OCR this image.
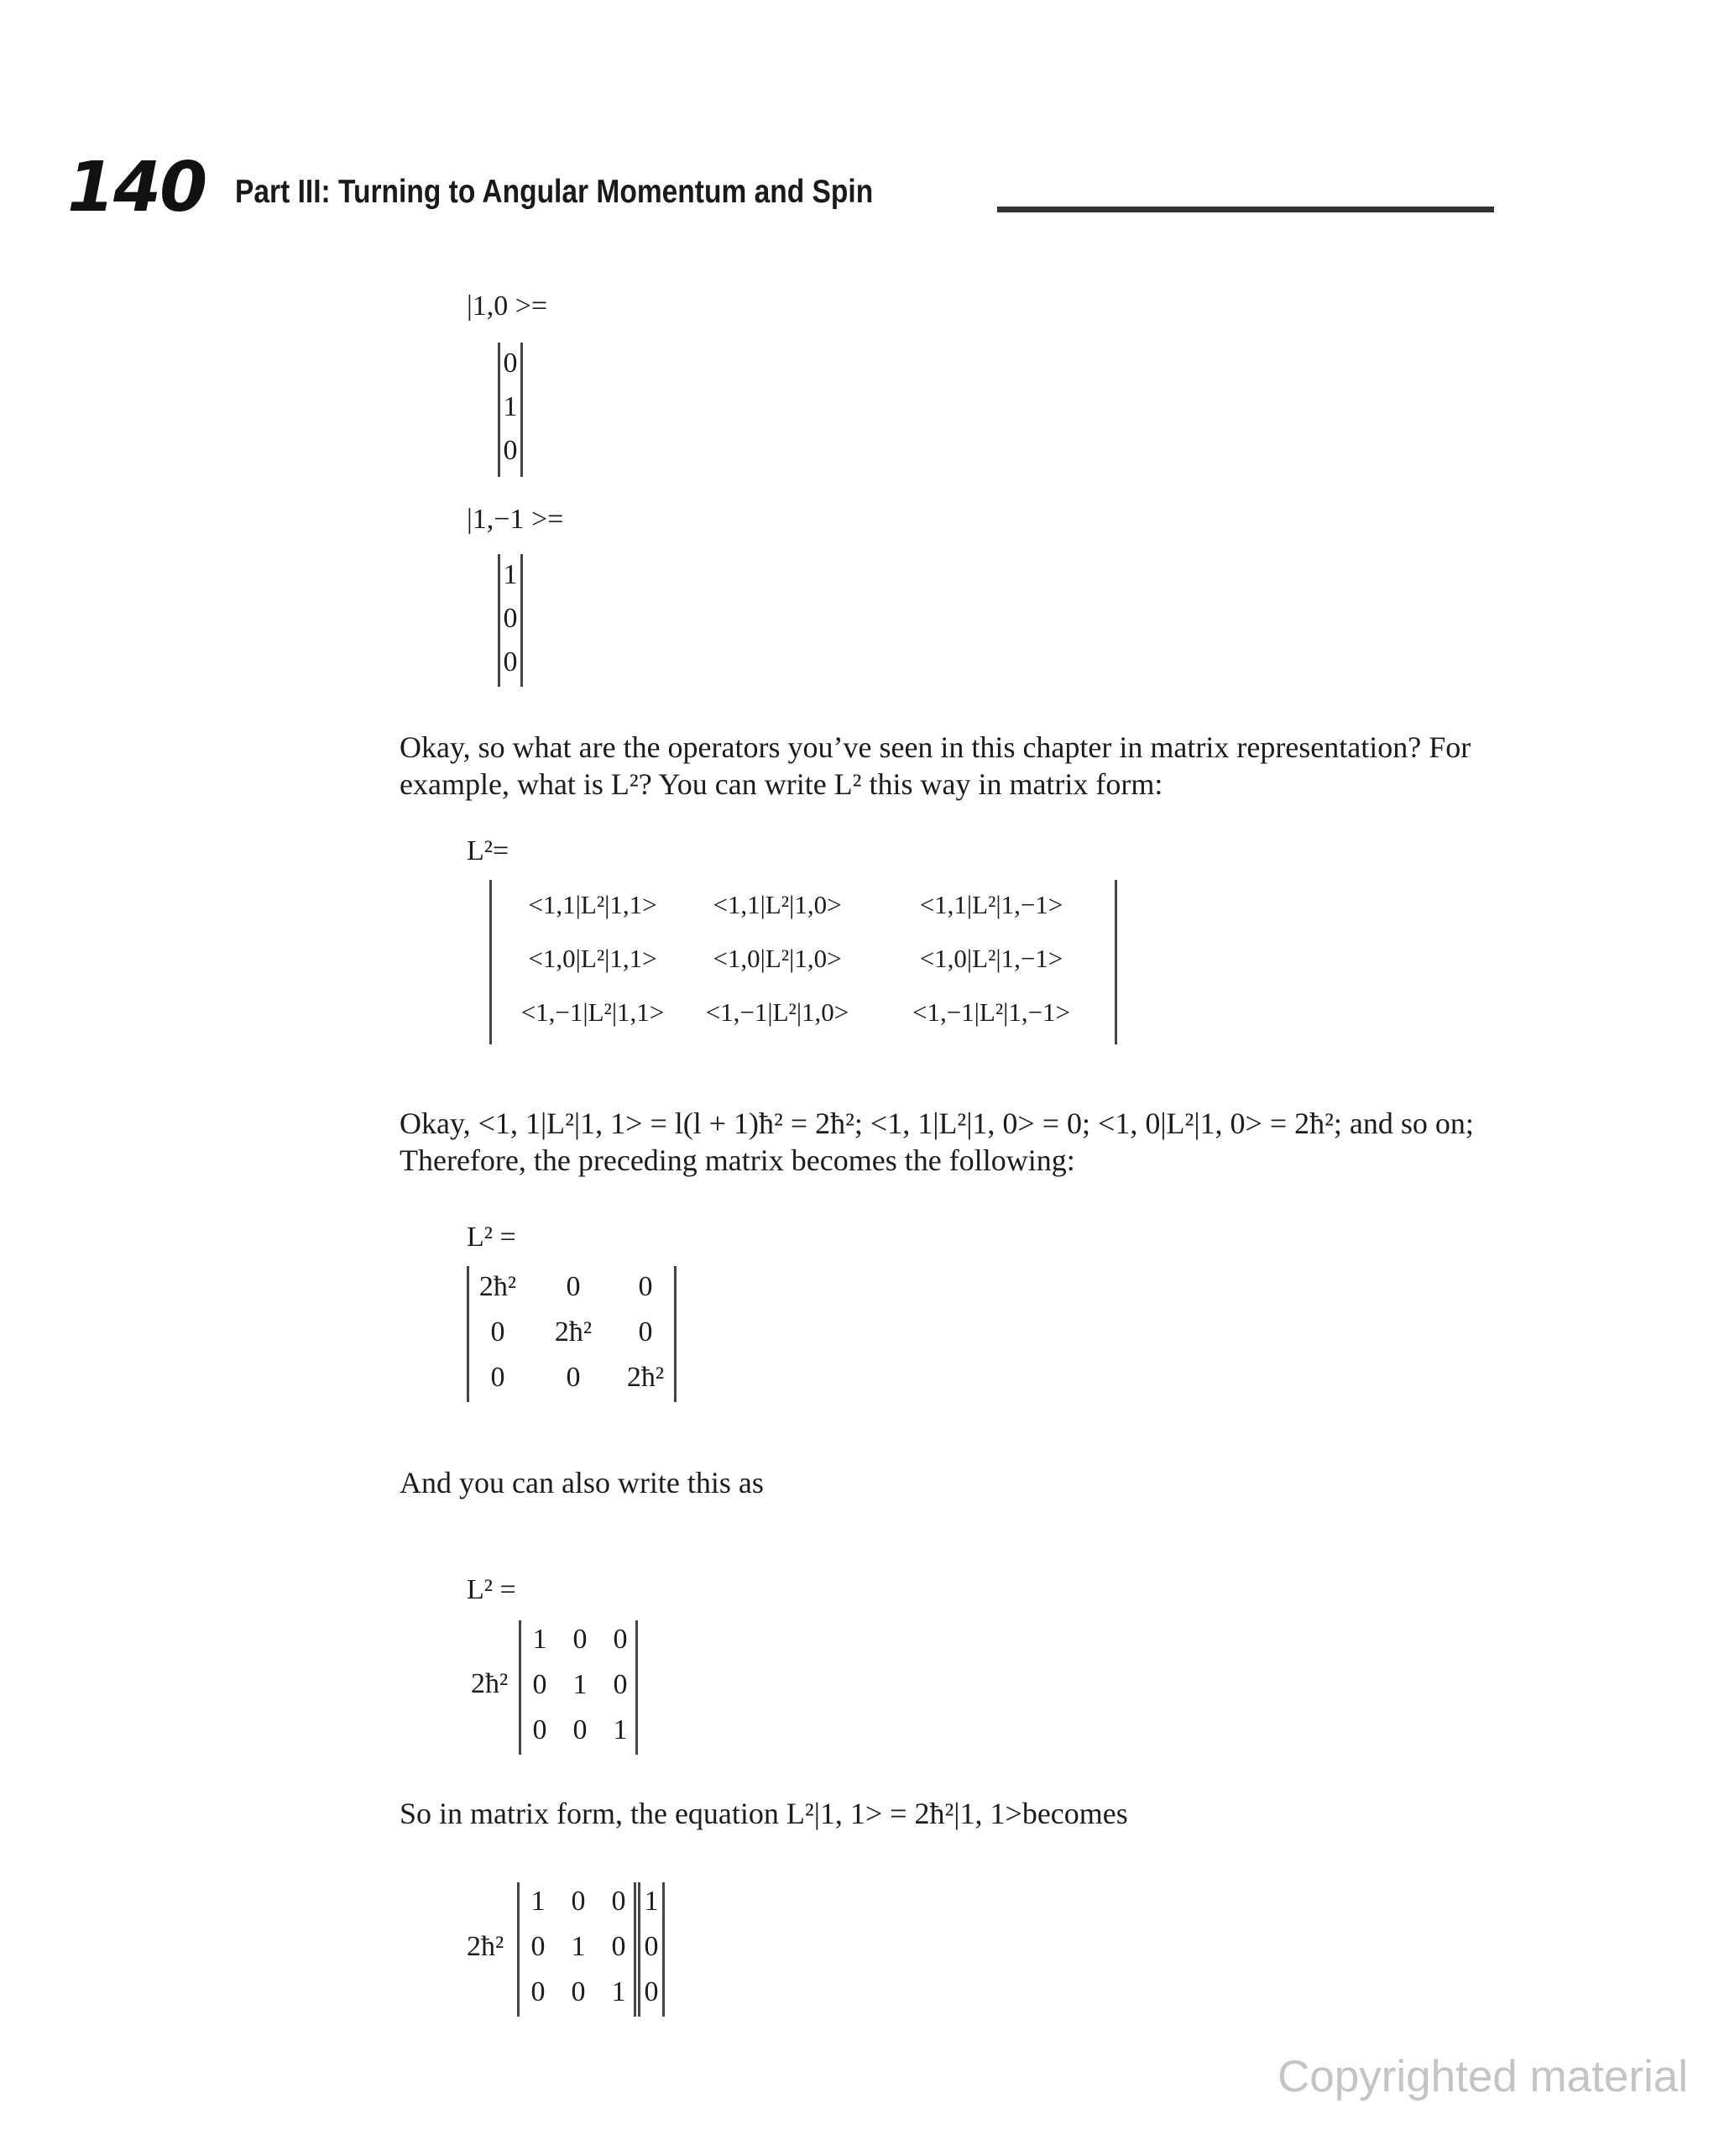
140 Part III: Turning to Angular Momentum and Spin
|1,0 >=
0
1
0
|1,−1 >=
1
0
0
Okay, so what are the operators you’ve seen in this chapter in matrix representation? For example, what is L²? You can write L² this way in matrix form:
L²=
<1,1|L²|1,1> <1,1|L²|1,0>	<1,1|L²|1,−1>
<1,0|L²|1,1> <1,0|L²|1,0>	<1,0|L²|1,−1>
<1,−1|L²|1,1> <1,−1|L²|1,0> <1,−1|L²|1,−1>
Okay, <1, 1|L²|1, 1> = l(l + 1)ħ² = 2ħ²; <1, 1|L²|1, 0> = 0; <1, 0|L²|1, 0> = 2ħ²; and so on; Therefore, the preceding matrix becomes the following:
L² =
2ħ² 0 0
0 2ħ² 0
0 0 2ħ²
And you can also write this as
L² =
2ħ²
1 0 0
0 1 0
0 0 1
So in matrix form, the equation L²|1, 1> = 2ħ²|1, 1>becomes
2ħ²
1 0 0
0 1 0
0 0 1
1
0
0
Copyrighted material
